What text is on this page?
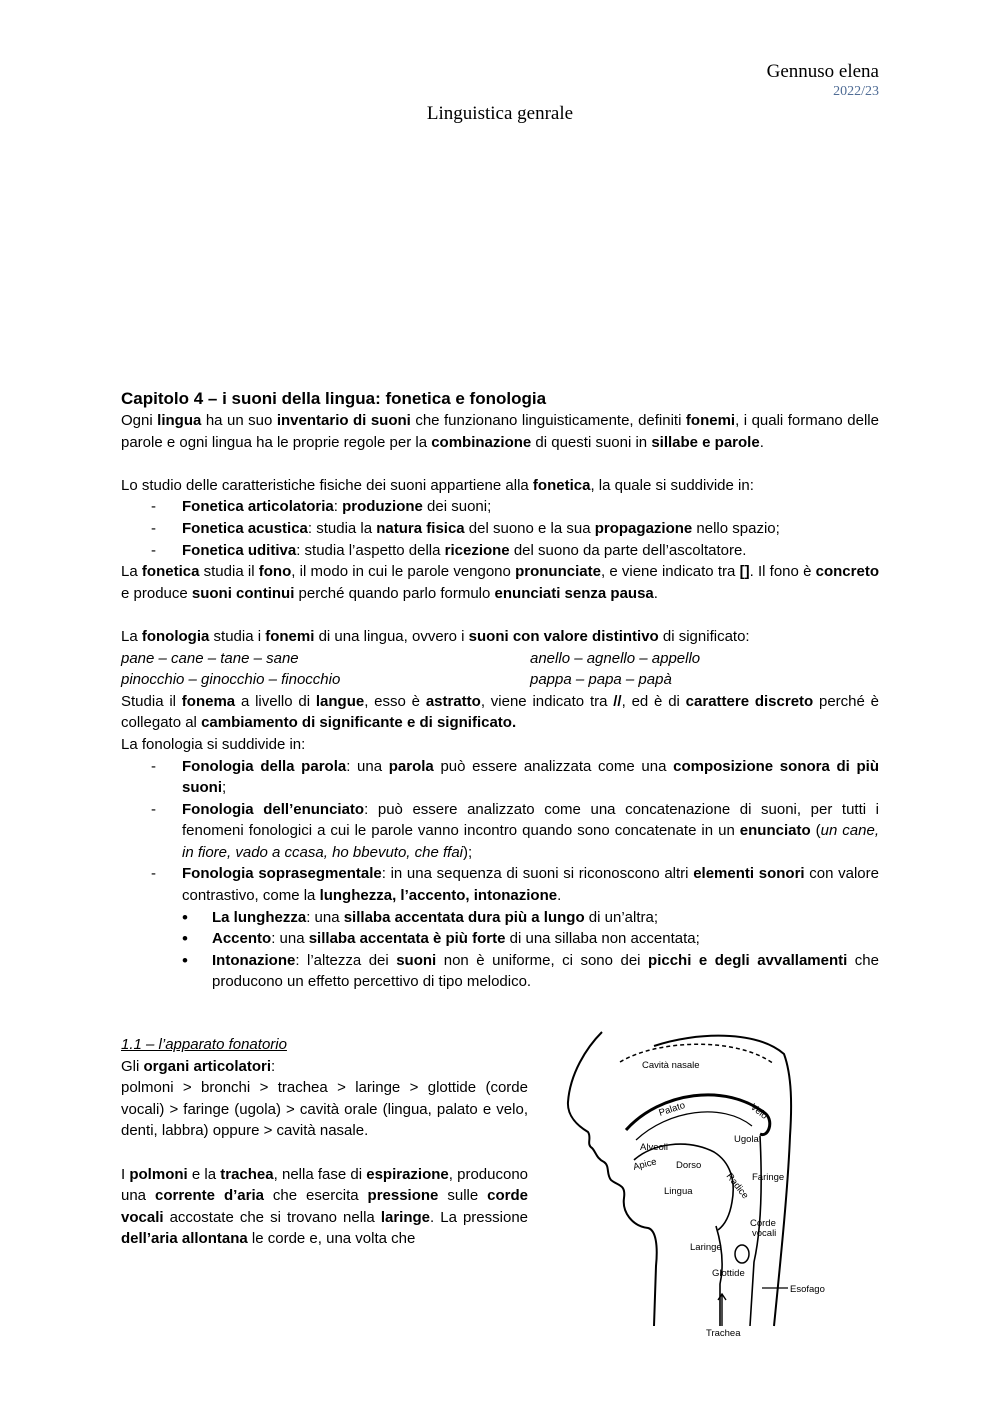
Gennuso elena
2022/23
Linguistica genrale
Capitolo 4 – i suoni della lingua: fonetica e fonologia

Ogni lingua ha un suo inventario di suoni che funzionano linguisticamente, definiti fonemi, i quali formano delle parole e ogni lingua ha le proprie regole per la combinazione di questi suoni in sillabe e parole.

Lo studio delle caratteristiche fisiche dei suoni appartiene alla fonetica, la quale si suddivide in:

- Fonetica articolatoria: produzione dei suoni;
- Fonetica acustica: studia la natura fisica del suono e la sua propagazione nello spazio;
- Fonetica uditiva: studia l’aspetto della ricezione del suono da parte dell’ascoltatore.

La fonetica studia il fono, il modo in cui le parole vengono pronunciate, e viene indicato tra []. Il fono è concreto e produce suoni continui perché quando parlo formulo enunciati senza pausa.

La fonologia studia i fonemi di una lingua, ovvero i suoni con valore distintivo di significato:

pane – cane – tane – sane	anello – agnello – appello
pinocchio – ginocchio – finocchio	pappa – papa – papà

Studia il fonema a livello di langue, esso è astratto, viene indicato tra //, ed è di carattere discreto perché è collegato al cambiamento di significante e di significato.

La fonologia si suddivide in:

- Fonologia della parola: una parola può essere analizzata come una composizione sonora di più suoni;
- Fonologia dell’enunciato: può essere analizzato come una concatenazione di suoni, per tutti i fenomeni fonologici a cui le parole vanno incontro quando sono concatenate in un enunciato (un cane, in fiore, vado a ccasa, ho bbevuto, che ffai);
- Fonologia soprasegmentale: in una sequenza di suoni si riconoscono altri elementi sonori con valore contrastivo, come la lunghezza, l’accento, intonazione.
• La lunghezza: una sillaba accentata dura più a lungo di un’altra;
• Accento: una sillaba accentata è più forte di una sillaba non accentata;
• Intonazione: l’altezza dei suoni non è uniforme, ci sono dei picchi e degli avvallamenti che producono un effetto percettivo di tipo melodico.
1.1 – l’apparato fonatorio

Gli organi articolatori:

polmoni > bronchi > trachea > laringe > glottide (corde vocali) > faringe (ugola) > cavità orale (lingua, palato e velo, denti, labbra) oppure > cavità nasale.

I polmoni e la trachea, nella fase di espirazione, producono una corrente d’aria che esercita pressione sulle corde vocali accostate che si trovano nella laringe. La pressione dell’aria allontana le corde e, una volta che

Cavità nasale
Palato	Velo
Ugola
Alveoli
Apice Dorso
Lingua
Faringe
Radice
Corde
vocali
Laringe
Glottide
Esofago
Trachea
